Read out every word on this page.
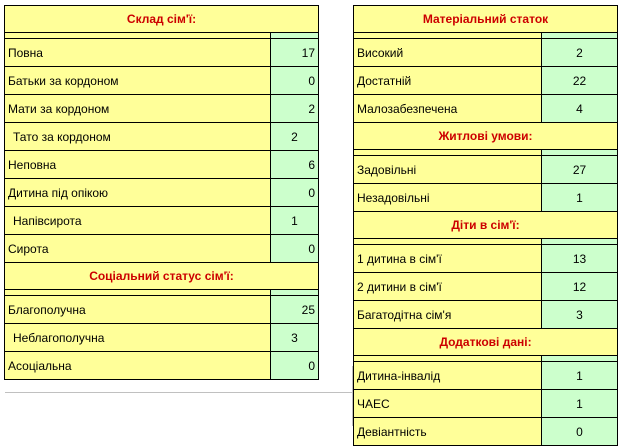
Склад сім'ї:	

Повна	17
Батьки за кордоном	0
Мати за кордоном	2
Тато за кордоном	2
Неповна	6
Дитина під опікою	0
Напівсирота	1
Сирота	0
Соціальний статус сім'ї:	

Благополучна	25
Неблагополучна	3
Асоціальна	0
Матеріальний статок	

Високий	2
Достатній	22
Малозабезпечена	4
Житлові умови:	

Задовільні	27
Незадовільні	1
Діти в сім'ї:	

1 дитина в сім'ї	13
2 дитини в сім'ї	12
Багатодітна сім'я	3
Додаткові дані:	

Дитина-інвалід	1
ЧАЕС	1
Девіантність	0
